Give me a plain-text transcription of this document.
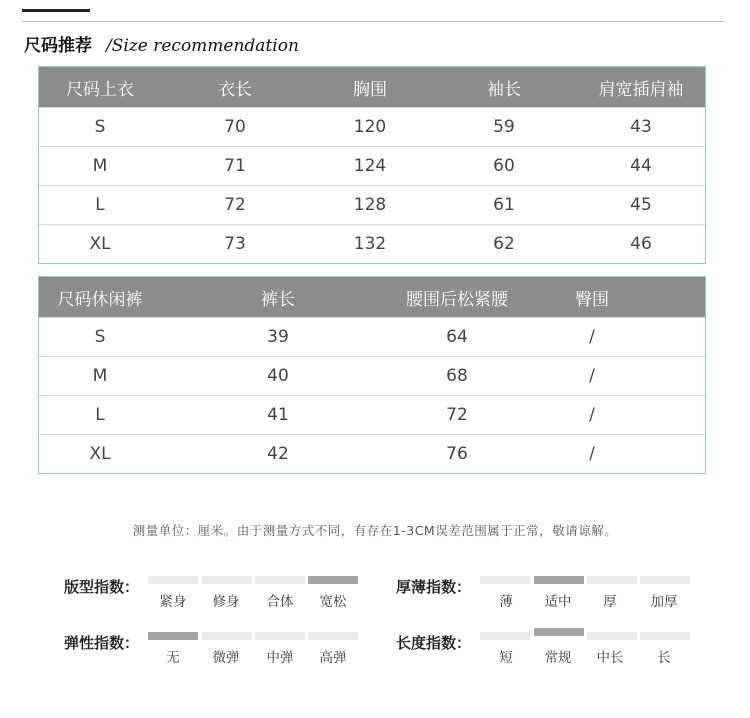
尺码推荐 /Size recommendation
尺码上衣	衣长	胸围	袖长	肩宽插肩袖
S	70	120	59	43
M	71	124	60	44
L	72	128	61	45
XL	73	132	62	46
尺码休闲裤	裤长	腰围后松紧腰	臀围
S	39	64	/
M	40	68	/
L	41	72	/
XL	42	76	/
测量单位：厘米。由于测量方式不同，有存在1-3CM误差范围属于正常，敬请谅解。
版型指数：
紧身	修身	合体	宽松
弹性指数：
无	微弹	中弹	高弹
厚薄指数：
薄	适中	厚	加厚
长度指数：
短	常规	中长	长
